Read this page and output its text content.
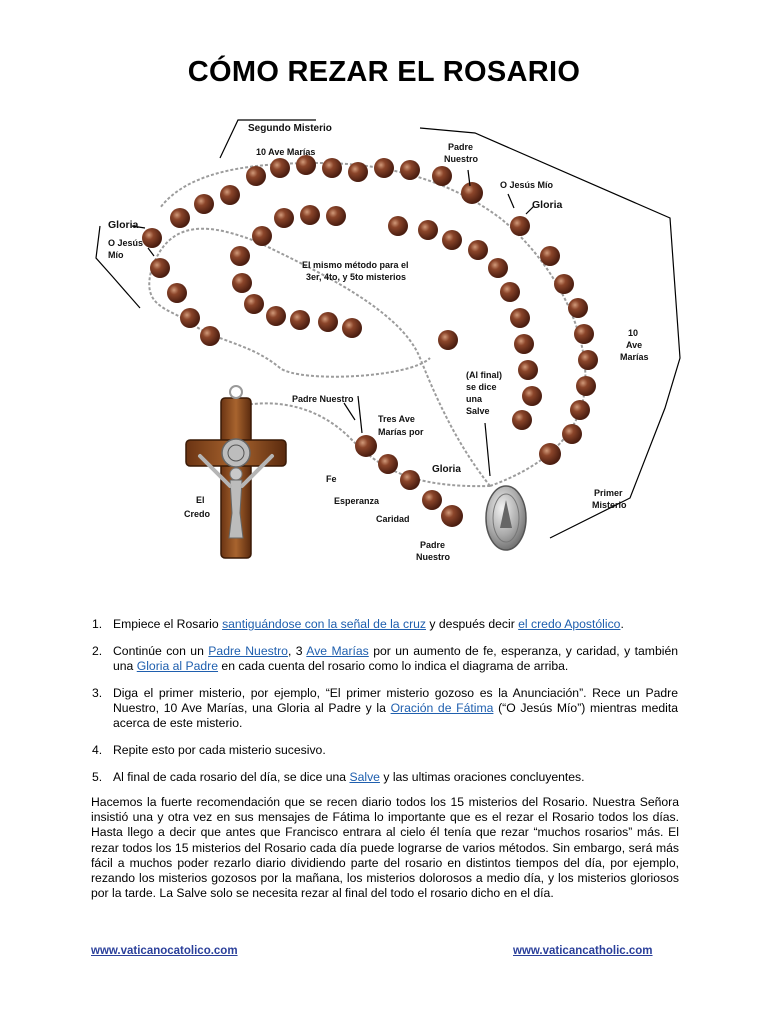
CÓMO REZAR EL ROSARIO
Segundo Misterio
10 Ave Marías	Padre
Nuestro
O Jesús Mío
Gloria
Gloria
O Jesús
Mío
El mismo método para el
3er, 4to, y 5to misterios
10
Ave
Marías
(Al final)
se dice
una
Salve
Padre Nuestro
Tres Ave
Marías por
Fe
Gloria
Esperanza
Caridad
El
Credo
Primer
Misterio
Padre
Nuestro
1. Empiece el Rosario santiguándose con la señal de la cruz y después decir el credo Apostólico.
2. Continúe con un Padre Nuestro, 3 Ave Marías por un aumento de fe, esperanza, y caridad, y también una Gloria al Padre en cada cuenta del rosario como lo indica el diagrama de arriba.
3. Diga el primer misterio, por ejemplo, “El primer misterio gozoso es la Anunciación”. Rece un Padre Nuestro, 10 Ave Marías, una Gloria al Padre y la Oración de Fátima (“O Jesús Mío”) mientras medita acerca de este misterio.
4. Repite esto por cada misterio sucesivo.
5. Al final de cada rosario del día, se dice una Salve y las ultimas oraciones concluyentes.

Hacemos la fuerte recomendación que se recen diario todos los 15 misterios del Rosario. Nuestra Señora insistió una y otra vez en sus mensajes de Fátima lo importante que es el rezar el Rosario todos los días. Hasta llego a decir que antes que Francisco entrara al cielo él tenía que rezar “muchos rosarios” más. El rezar todos los 15 misterios del Rosario cada día puede lograrse de varios métodos. Sin embargo, será más fácil a muchos poder rezarlo diario dividiendo parte del rosario en distintos tiempos del día, por ejemplo, rezando los misterios gozosos por la mañana, los misterios dolorosos a medio día, y los misterios gloriosos por la tarde. La Salve solo se necesita rezar al final del todo el rosario dicho en el día.

www.vaticanocatolico.com	www.vaticancatholic.com
